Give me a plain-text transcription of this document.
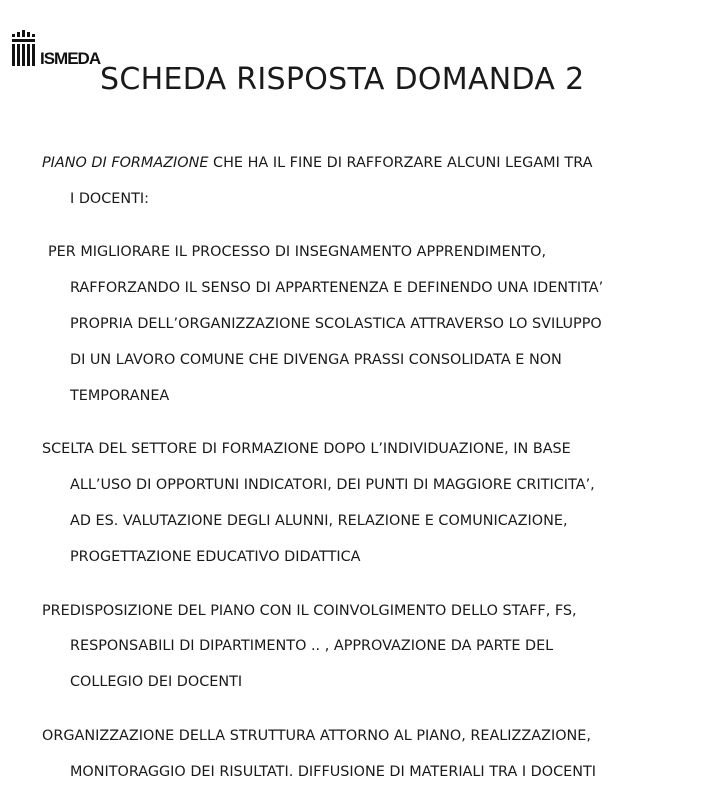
ISMEDA
SCHEDA RISPOSTA DOMANDA 2

PIANO DI FORMAZIONE CHE HA IL FINE DI RAFFORZARE ALCUNI LEGAMI TRA

I DOCENTI:

PER MIGLIORARE IL PROCESSO DI INSEGNAMENTO APPRENDIMENTO,

RAFFORZANDO IL SENSO DI APPARTENENZA E DEFINENDO UNA IDENTITA’

PROPRIA DELL’ORGANIZZAZIONE SCOLASTICA ATTRAVERSO LO SVILUPPO

DI UN LAVORO COMUNE CHE DIVENGA PRASSI CONSOLIDATA E NON

TEMPORANEA

SCELTA DEL SETTORE DI FORMAZIONE DOPO L’INDIVIDUAZIONE, IN BASE

ALL’USO DI OPPORTUNI INDICATORI, DEI PUNTI DI MAGGIORE CRITICITA’,

AD ES. VALUTAZIONE DEGLI ALUNNI, RELAZIONE E COMUNICAZIONE,

PROGETTAZIONE EDUCATIVO DIDATTICA

PREDISPOSIZIONE DEL PIANO CON IL COINVOLGIMENTO DELLO STAFF, FS,

RESPONSABILI DI DIPARTIMENTO .. , APPROVAZIONE DA PARTE DEL

COLLEGIO DEI DOCENTI

ORGANIZZAZIONE DELLA STRUTTURA ATTORNO AL PIANO, REALIZZAZIONE,

MONITORAGGIO DEI RISULTATI. DIFFUSIONE DI MATERIALI TRA I DOCENTI
